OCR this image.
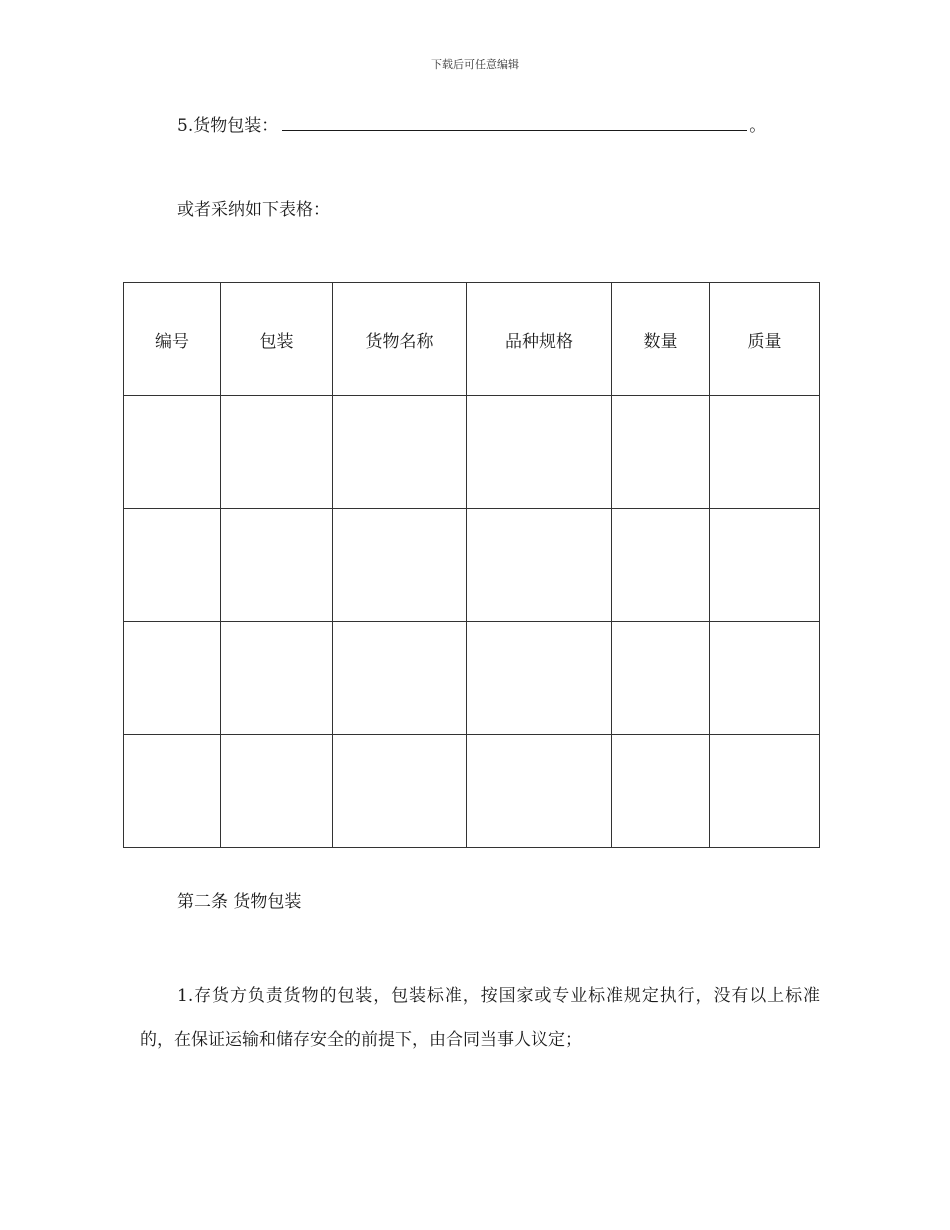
下载后可任意编辑
5.货物包装：	。
或者采纳如下表格：
编号	包装	货物名称	品种规格	数量	质量

第二条 货物包装
1.存货方负责货物的包装，包装标准，按国家或专业标准规定执行，没有以上标准的，在保证运输和储存安全的前提下，由合同当事人议定；
